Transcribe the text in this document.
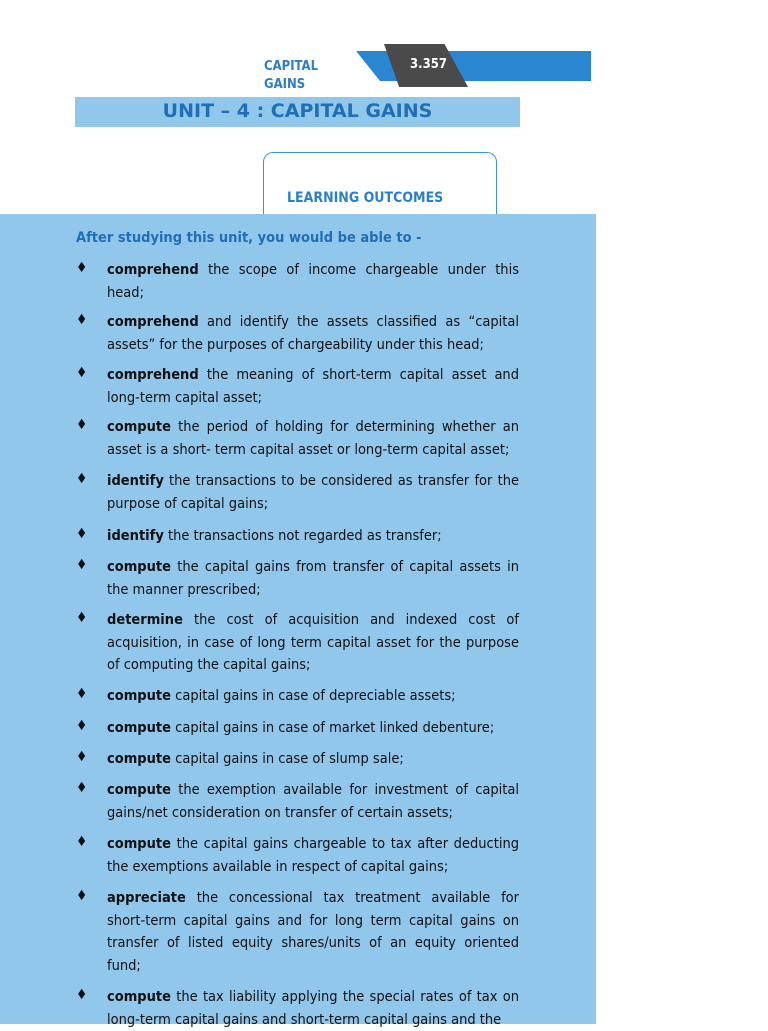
CAPITAL GAINS
3.357
UNIT – 4 : CAPITAL GAINS
LEARNING OUTCOMES
After studying this unit, you would be able to -
♦ comprehend the scope of income chargeable under this head;
♦ comprehend and identify the assets classified as “capital assets” for the purposes of chargeability under this head;
♦ comprehend the meaning of short-term capital asset and long-term capital asset;
♦ compute the period of holding for determining whether an asset is a short- term capital asset or long-term capital asset;
♦ identify the transactions to be considered as transfer for the purpose of capital gains;
♦ identify the transactions not regarded as transfer;
♦ compute the capital gains from transfer of capital assets in the manner prescribed;
♦ determine the cost of acquisition and indexed cost of acquisition, in case of long term capital asset for the purpose of computing the capital gains;
♦ compute capital gains in case of depreciable assets;
♦ compute capital gains in case of market linked debenture;
♦ compute capital gains in case of slump sale;
♦ compute the exemption available for investment of capital gains/net consideration on transfer of certain assets;
♦ compute the capital gains chargeable to tax after deducting the exemptions available in respect of capital gains;
♦ appreciate the concessional tax treatment available for short-term capital gains and for long term capital gains on transfer of listed equity shares/units of an equity oriented fund;
♦ compute the tax liability applying the special rates of tax on long-term capital gains and short-term capital gains and the
